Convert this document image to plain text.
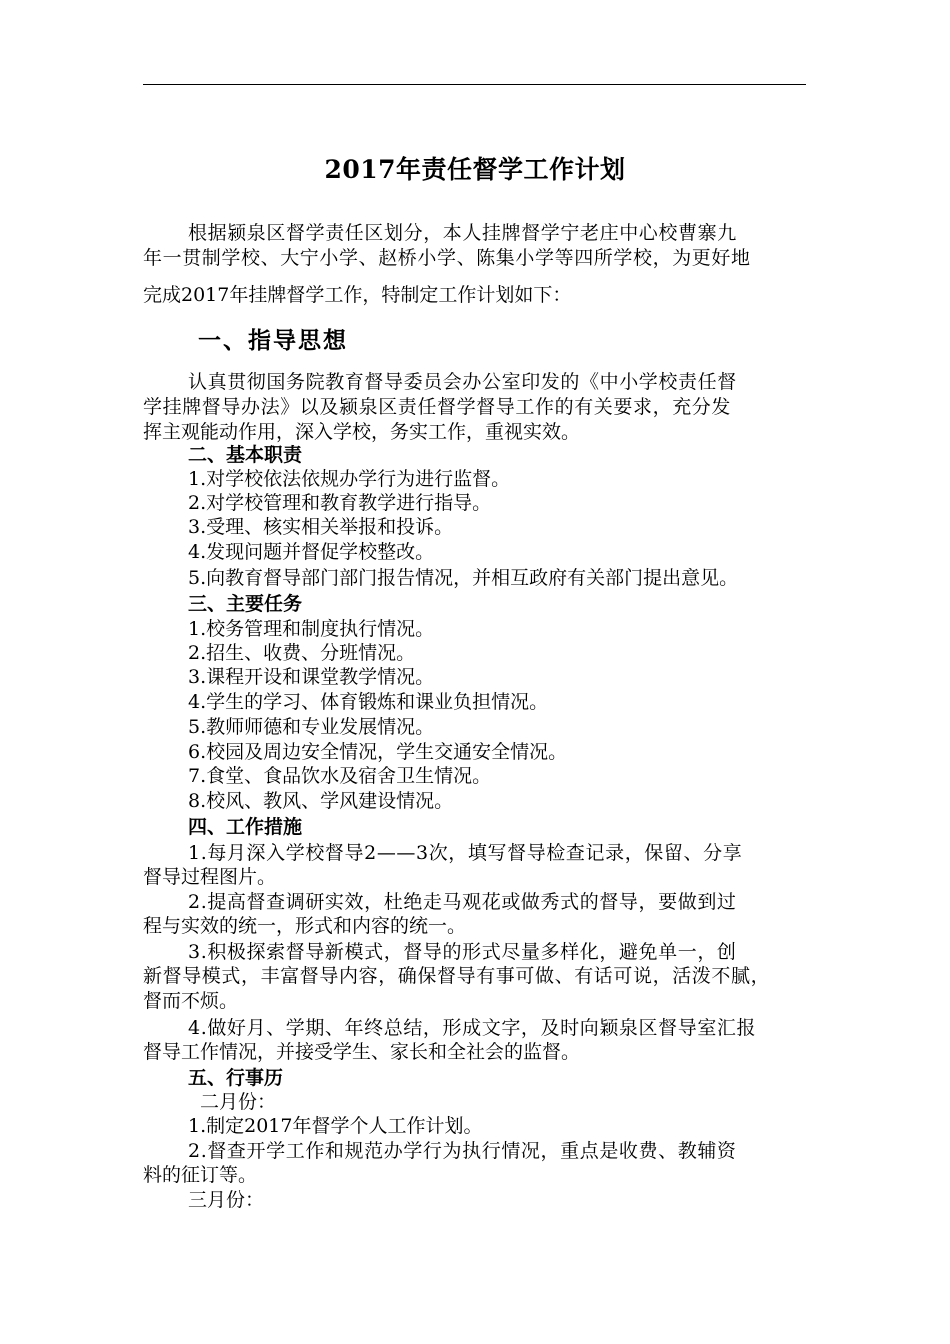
2017年责任督学工作计划
根据颍泉区督学责任区划分，本人挂牌督学宁老庄中心校曹寨九
年一贯制学校、大宁小学、赵桥小学、陈集小学等四所学校，为更好地
完成2017年挂牌督学工作，特制定工作计划如下：
一、指导思想
认真贯彻国务院教育督导委员会办公室印发的《中小学校责任督
学挂牌督导办法》以及颍泉区责任督学督导工作的有关要求，充分发
挥主观能动作用，深入学校，务实工作，重视实效。
二、基本职责
1.对学校依法依规办学行为进行监督。
2.对学校管理和教育教学进行指导。
3.受理、核实相关举报和投诉。
4.发现问题并督促学校整改。
5.向教育督导部门部门报告情况，并相互政府有关部门提出意见。
三、主要任务
1.校务管理和制度执行情况。
2.招生、收费、分班情况。
3.课程开设和课堂教学情况。
4.学生的学习、体育锻炼和课业负担情况。
5.教师师德和专业发展情况。
6.校园及周边安全情况，学生交通安全情况。
7.食堂、食品饮水及宿舍卫生情况。
8.校风、教风、学风建设情况。
四、工作措施
1.每月深入学校督导2——3次，填写督导检查记录，保留、分享
督导过程图片。
2.提高督查调研实效，杜绝走马观花或做秀式的督导，要做到过
程与实效的统一，形式和内容的统一。
3.积极探索督导新模式，督导的形式尽量多样化，避免单一，创
新督导模式，丰富督导内容，确保督导有事可做、有话可说，活泼不腻，
督而不烦。
4.做好月、学期、年终总结，形成文字，及时向颖泉区督导室汇报
督导工作情况，并接受学生、家长和全社会的监督。
五、行事历
二月份：
1.制定2017年督学个人工作计划。
2.督查开学工作和规范办学行为执行情况，重点是收费、教辅资
料的征订等。
三月份：
